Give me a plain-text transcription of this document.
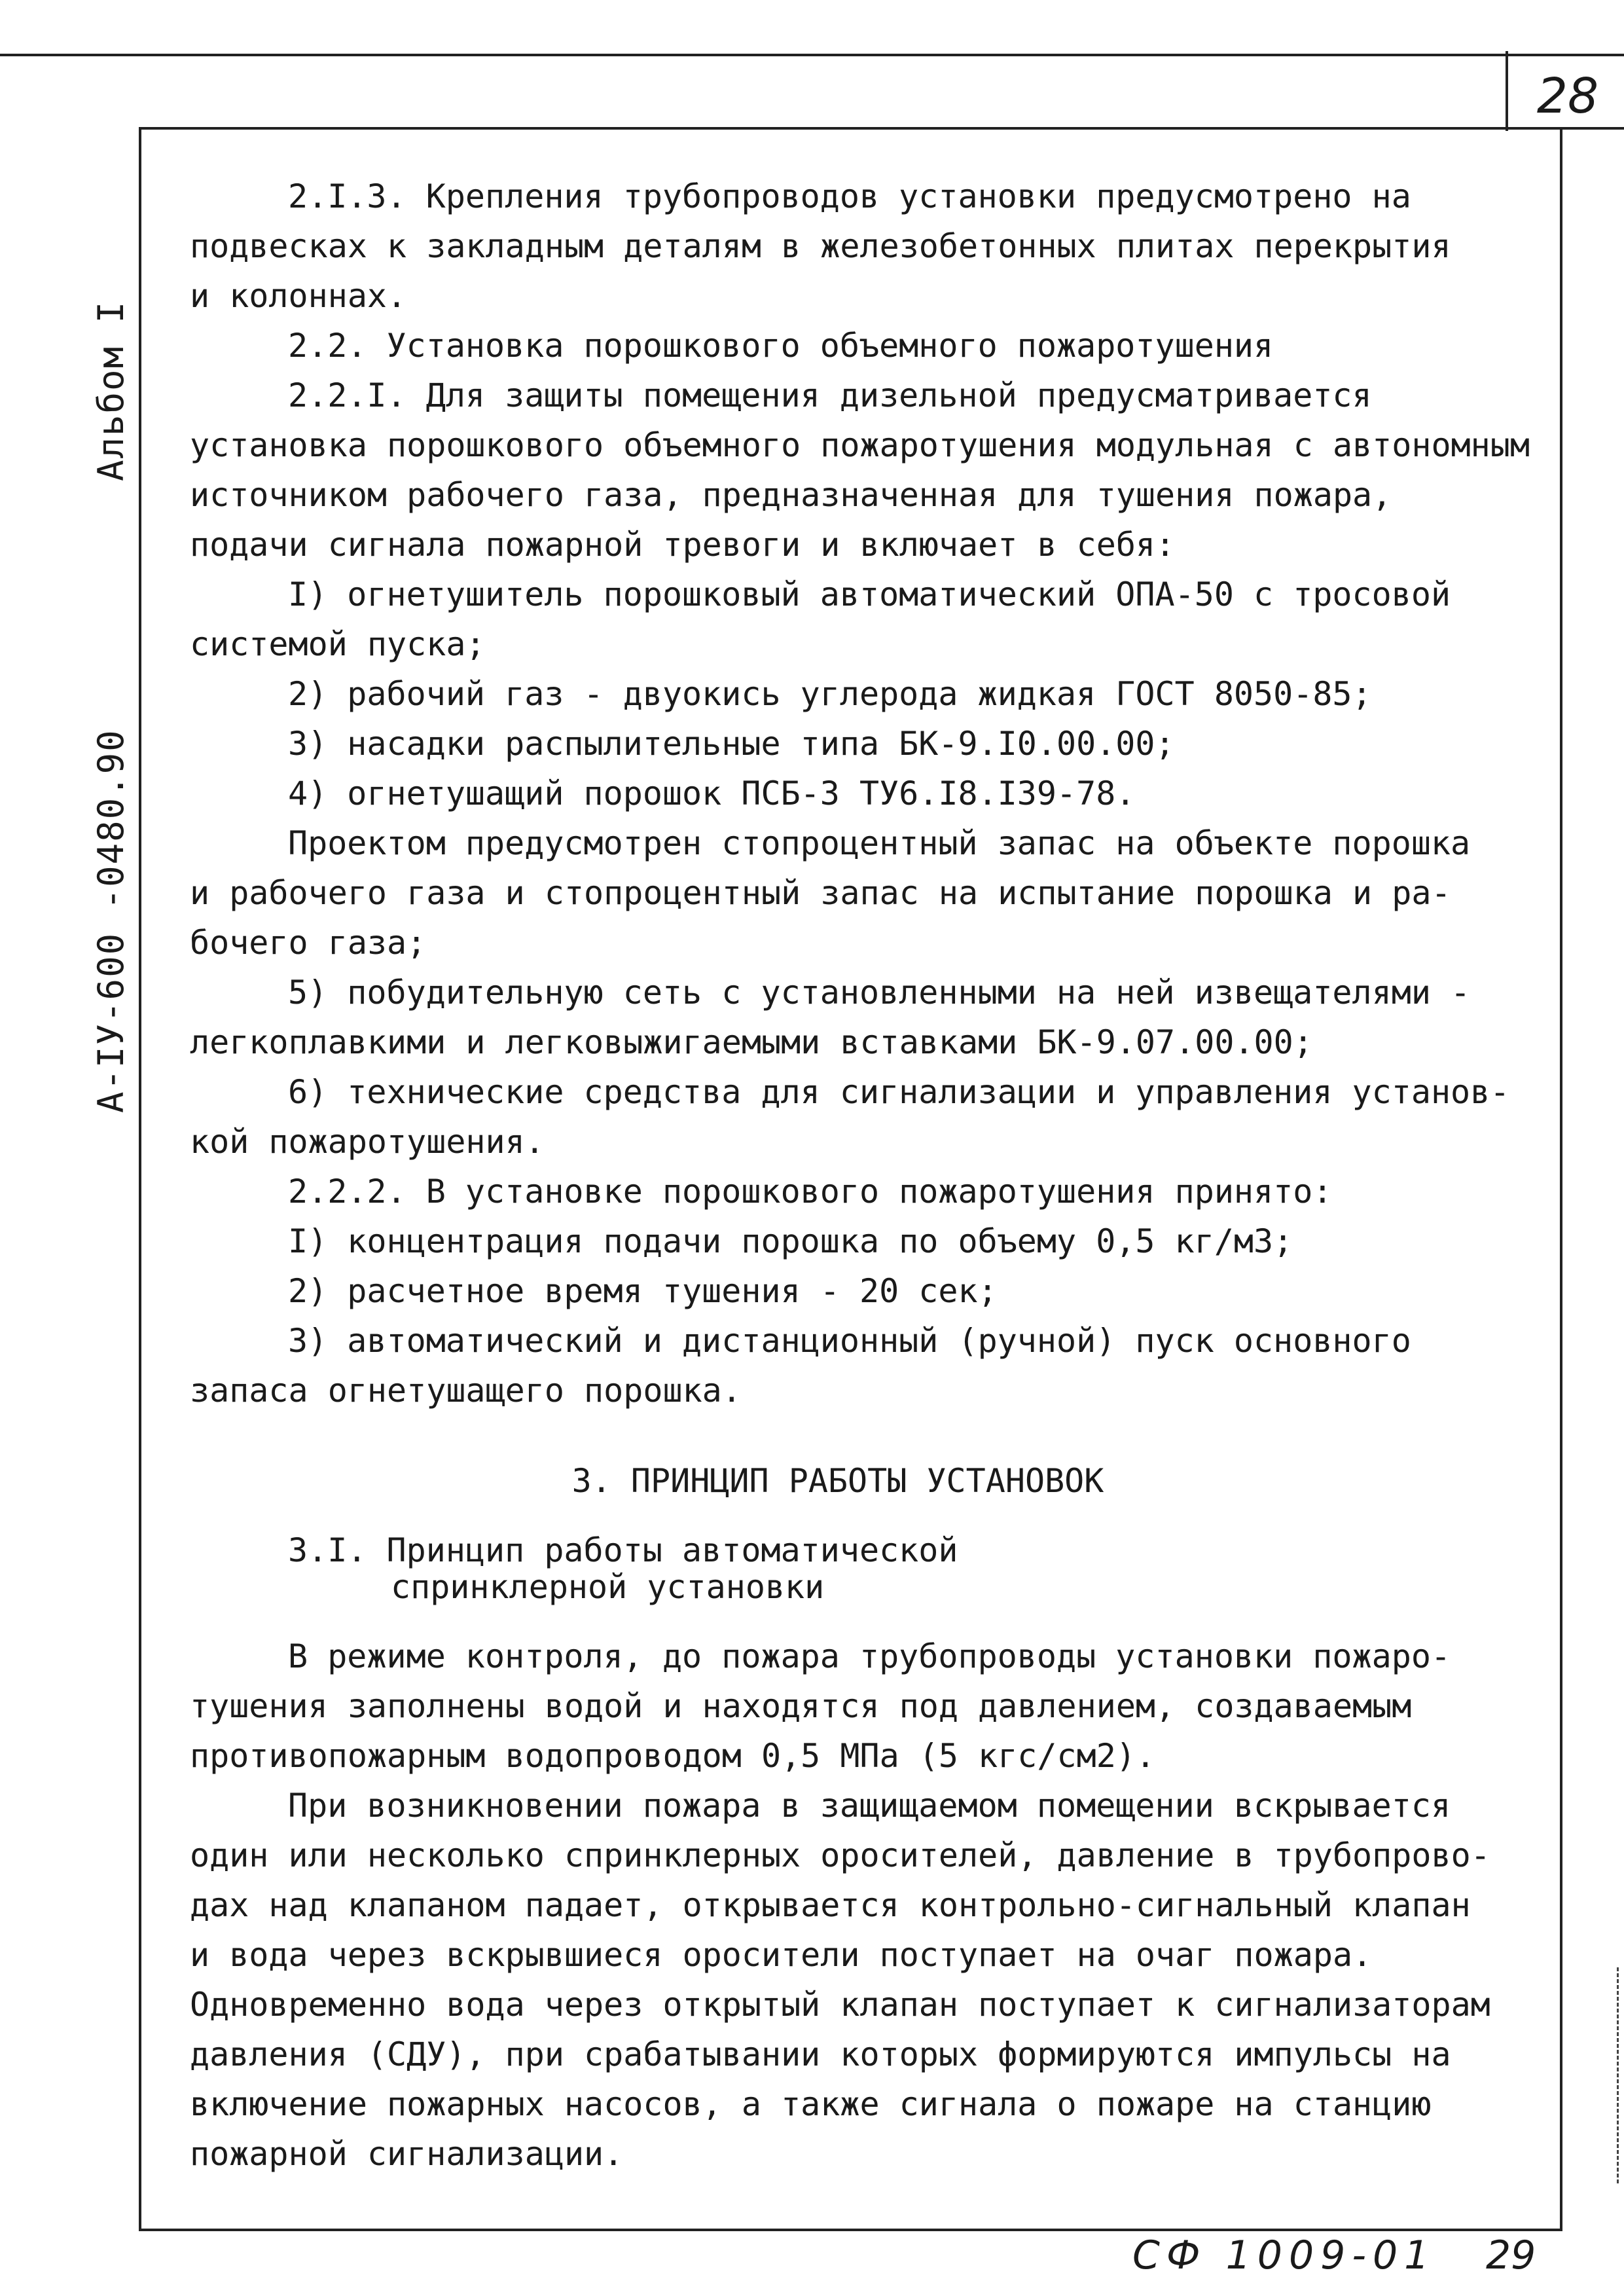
28
Альбом I
А-IУ-600 -0480.90

2.I.3. Крепления трубопроводов установки предусмотрено на

подвесках к закладным деталям в железобетонных плитах перекрытия

и колоннах.

2.2. Установка порошкового объемного пожаротушения

2.2.I. Для защиты помещения дизельной предусматривается

установка порошкового объемного пожаротушения модульная с автономным

источником рабочего газа, предназначенная для тушения пожара,

подачи сигнала пожарной тревоги и включает в себя:

I) огнетушитель порошковый автоматический ОПА-50 с тросовой

системой пуска;

2) рабочий газ - двуокись углерода жидкая ГОСТ 8050-85;

3) насадки распылительные типа БК-9.I0.00.00;

4) огнетушащий порошок ПСБ-3 ТУ6.I8.I39-78.

Проектом предусмотрен стопроцентный запас на объекте порошка

и рабочего газа и стопроцентный запас на испытание порошка и ра-

бочего газа;

5) побудительную сеть с установленными на ней извещателями -

легкоплавкими и легковыжигаемыми вставками БК-9.07.00.00;

6) технические средства для сигнализации и управления установ-

кой пожаротушения.

2.2.2. В установке порошкового пожаротушения принято:

I) концентрация подачи порошка по объему 0,5 кг/м3;

2) расчетное время тушения - 20 сек;

3) автоматический и дистанционный (ручной) пуск основного

запаса огнетушащего порошка.

3. ПРИНЦИП РАБОТЫ УСТАНОВОК

3.I. Принцип работы автоматической

спринклерной установки

В режиме контроля, до пожара трубопроводы установки пожаро-

тушения заполнены водой и находятся под давлением, создаваемым

противопожарным водопроводом 0,5 МПа (5 кгс/см2).

При возникновении пожара в защищаемом помещении вскрывается

один или несколько спринклерных оросителей, давление в трубопрово-

дах над клапаном падает, открывается контрольно-сигнальный клапан

и вода через вскрывшиеся оросители поступает на очаг пожара.

Одновременно вода через открытый клапан поступает к сигнализаторам

давления (СДУ), при срабатывании которых формируются импульсы на

включение пожарных насосов, а также сигнала о пожаре на станцию

пожарной сигнализации.

СФ 1009-01 29
